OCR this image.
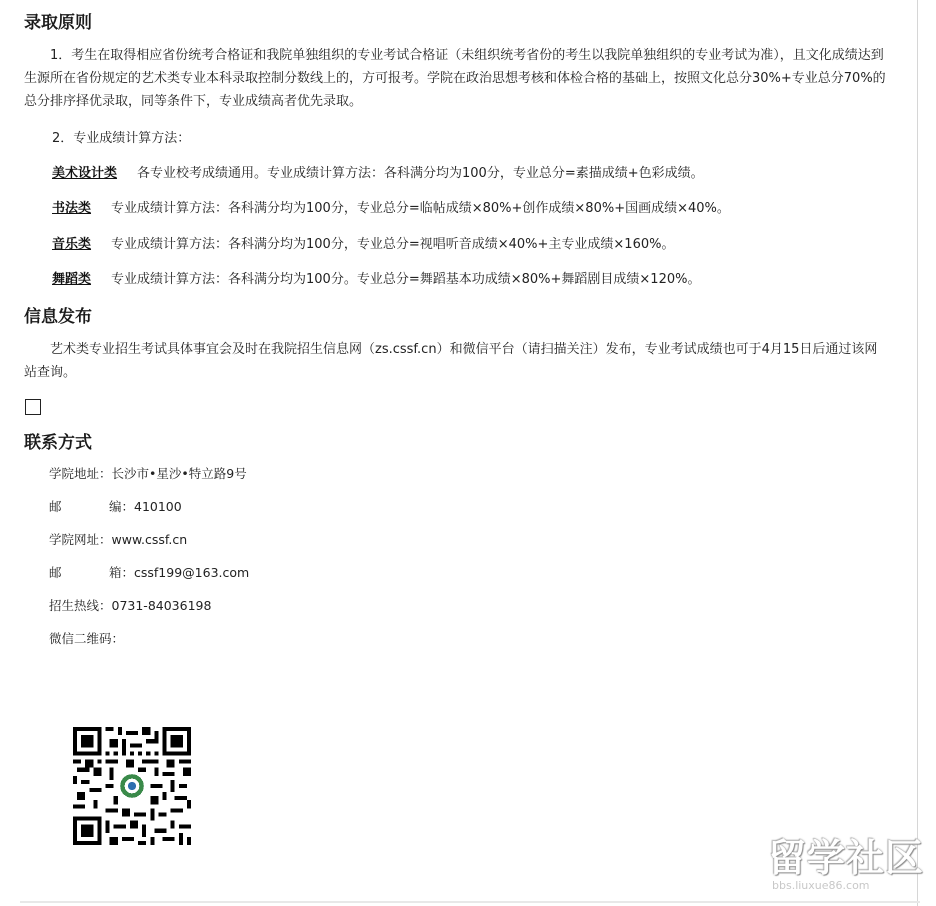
录取原则

1．考生在取得相应省份统考合格证和我院单独组织的专业考试合格证（未组织统考省份的考生以我院单独组织的专业考试为准），且文化成绩达到生源所在省份规定的艺术类专业本科录取控制分数线上的，方可报考。学院在政治思想考核和体检合格的基础上，按照文化总分30%+专业总分70%的总分排序择优录取，同等条件下，专业成绩高者优先录取。

2．专业成绩计算方法：

美术设计类 各专业校考成绩通用。专业成绩计算方法：各科满分均为100分，专业总分=素描成绩+色彩成绩。
书法类 专业成绩计算方法：各科满分均为100分，专业总分=临帖成绩×80%+创作成绩×80%+国画成绩×40%。
音乐类 专业成绩计算方法：各科满分均为100分，专业总分=视唱听音成绩×40%+主专业成绩×160%。
舞蹈类 专业成绩计算方法：各科满分均为100分。专业总分=舞蹈基本功成绩×80%+舞蹈剧目成绩×120%。
信息发布

艺术类专业招生考试具体事宜会及时在我院招生信息网（zs.cssf.cn）和微信平台（请扫描关注）发布，专业考试成绩也可于4月15日后通过该网站查询。

联系方式
学院地址：长沙市•星沙•特立路9号
邮	编：410100
学院网址：www.cssf.cn
邮	箱：cssf199@163.com
招生热线：0731-84036198
微信二维码：
留学社区
bbs.liuxue86.com
